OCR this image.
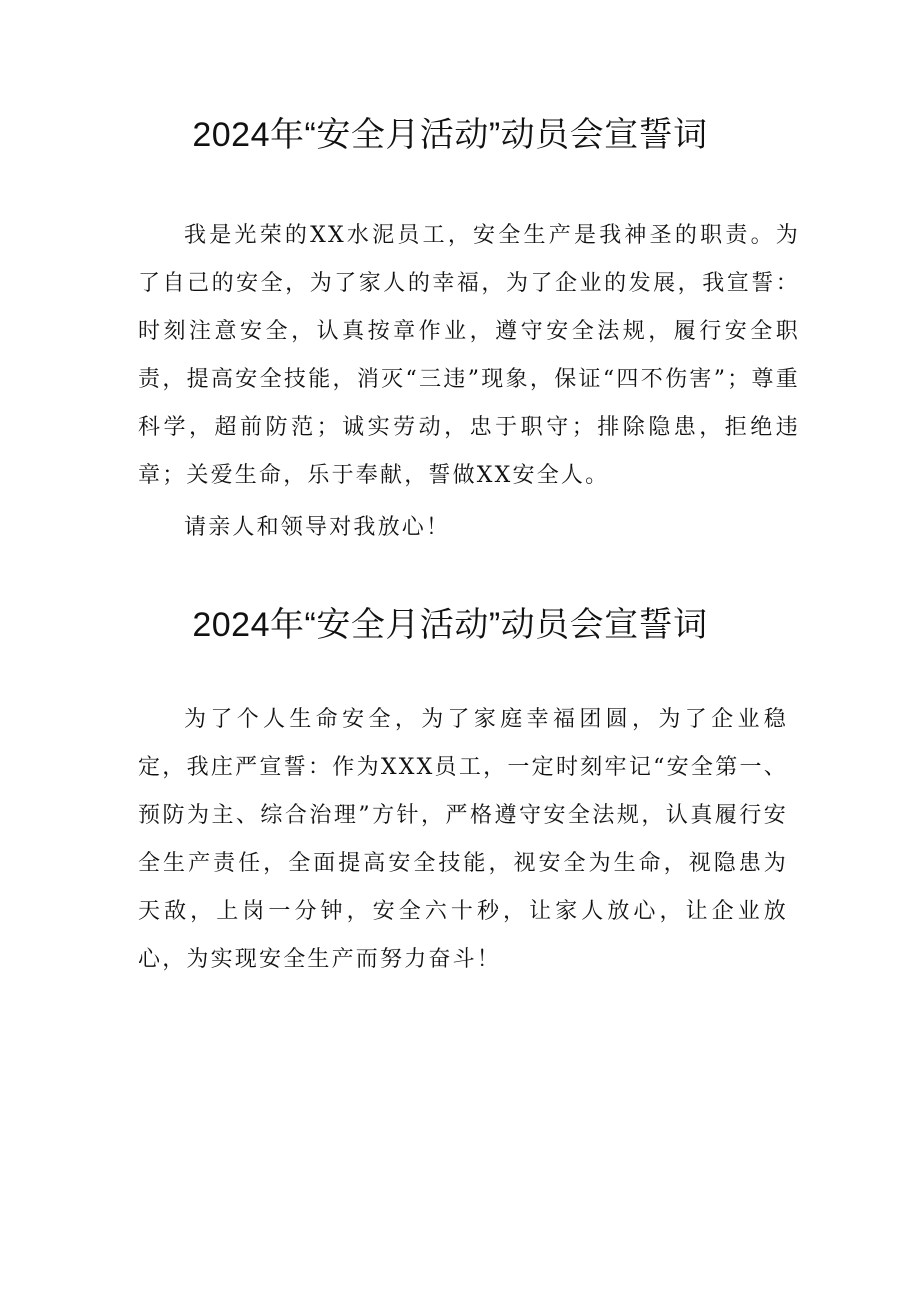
2024年“安全月活动”动员会宣誓词

我是光荣的XX水泥员工，安全生产是我神圣的职责。为了自己的安全，为了家人的幸福，为了企业的发展，我宣誓：时刻注意安全，认真按章作业，遵守安全法规，履行安全职责，提高安全技能，消灭“三违”现象，保证“四不伤害”；尊重科学，超前防范；诚实劳动，忠于职守；排除隐患，拒绝违章；关爱生命，乐于奉献，誓做XX安全人。

请亲人和领导对我放心！

2024年“安全月活动”动员会宣誓词

为了个人生命安全，为了家庭幸福团圆，为了企业稳定，我庄严宣誓：作为XXX员工，一定时刻牢记“安全第一、预防为主、综合治理”方针，严格遵守安全法规，认真履行安全生产责任，全面提高安全技能，视安全为生命，视隐患为天敌，上岗一分钟，安全六十秒，让家人放心，让企业放心，为实现安全生产而努力奋斗！
